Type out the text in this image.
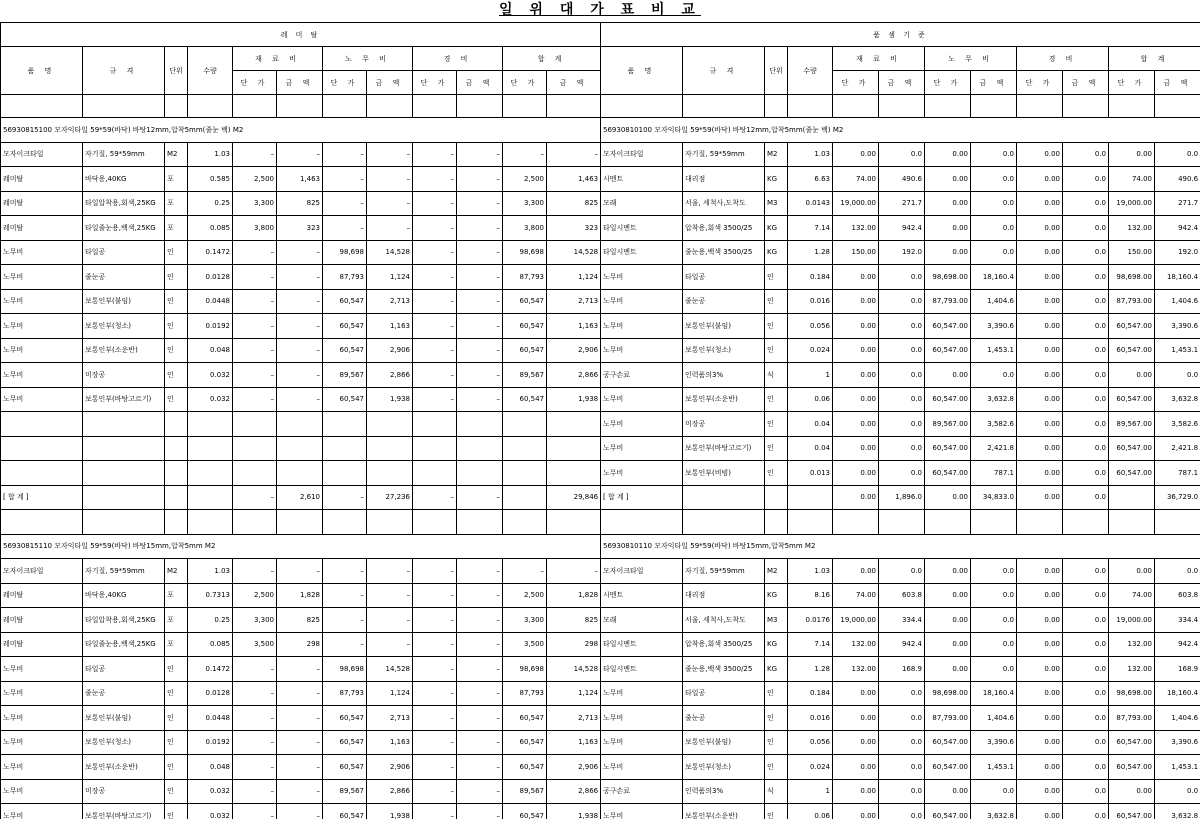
일 위 대 가 표 비 교
레 미 탈											
품 명	규 격	단위	수량	재 료 비		노 무 비		경 비		합 계	
				단 가	금 액	단 가	금 액	단 가	금 액	단 가	금 액

56930815100 모자익타일 59*59(바닥) 바탕12mm,압착5mm(줄눈 백) M2											
모자이크타일	자기질, 59*59mm	M2	1.03	–	–	–	–	–	–	–	–
레미탈	바닥용,40KG	포	0.585	2,500	1,463	–	–	–	–	2,500	1,463
레미탈	타일압착용,회색,25KG	포	0.25	3,300	825	–	–	–	–	3,300	825
레미탈	타일줄눈용,백색,25KG	포	0.085	3,800	323	–	–	–	–	3,800	323
노무비	타일공	인	0.1472	–	–	98,698	14,528	–	–	98,698	14,528
노무비	줄눈공	인	0.0128	–	–	87,793	1,124	–	–	87,793	1,124
노무비	보통인부(붙임)	인	0.0448	–	–	60,547	2,713	–	–	60,547	2,713
노무비	보통인부(청소)	인	0.0192	–	–	60,547	1,163	–	–	60,547	1,163
노무비	보통인부(소운반)	인	0.048	–	–	60,547	2,906	–	–	60,547	2,906
노무비	미장공	인	0.032	–	–	89,567	2,866	–	–	89,567	2,866
노무비	보통인부(바탕고르기)	인	0.032	–	–	60,547	1,938	–	–	60,547	1,938

[ 합 계 ]				–	2,610	–	27,236	–	–		29,846

56930815110 모자익타일 59*59(바닥) 바탕15mm,압착5mm M2											
모자이크타일	자기질, 59*59mm	M2	1.03	–	–	–	–	–	–	–	–
레미탈	바닥용,40KG	포	0.7313	2,500	1,828	–	–	–	–	2,500	1,828
레미탈	타일압착용,회색,25KG	포	0.25	3,300	825	–	–	–	–	3,300	825
레미탈	타일줄눈용,백색,25KG	포	0.085	3,500	298	–	–	–	–	3,500	298
노무비	타일공	인	0.1472	–	–	98,698	14,528	–	–	98,698	14,528
노무비	줄눈공	인	0.0128	–	–	87,793	1,124	–	–	87,793	1,124
노무비	보통인부(붙임)	인	0.0448	–	–	60,547	2,713	–	–	60,547	2,713
노무비	보통인부(청소)	인	0.0192	–	–	60,547	1,163	–	–	60,547	1,163
노무비	보통인부(소운반)	인	0.048	–	–	60,547	2,906	–	–	60,547	2,906
노무비	미장공	인	0.032	–	–	89,567	2,866	–	–	89,567	2,866
노무비	보통인부(바탕고르기)	인	0.032	–	–	60,547	1,938	–	–	60,547	1,938
품 셈 기 준											
품 명	규 격	단위	수량	재 료 비		노 무 비		경 비		합 계	
				단 가	금 액	단 가	금 액	단 가	금 액	단 가	금 액

56930810100 모자익타일 59*59(바닥) 바탕12mm,압착5mm(줄눈 백) M2											
모자이크타일	자기질, 59*59mm	M2	1.03	0.00	0.0	0.00	0.0	0.00	0.0	0.00	0.0
시멘트	대리점	KG	6.63	74.00	490.6	0.00	0.0	0.00	0.0	74.00	490.6
모래	서울, 세척사,도착도	M3	0.0143	19,000.00	271.7	0.00	0.0	0.00	0.0	19,000.00	271.7
타일시멘트	압착용,회색 3500/25	KG	7.14	132.00	942.4	0.00	0.0	0.00	0.0	132.00	942.4
타일시멘트	줄눈용,백색 3500/25	KG	1.28	150.00	192.0	0.00	0.0	0.00	0.0	150.00	192.0
노무비	타일공	인	0.184	0.00	0.0	98,698.00	18,160.4	0.00	0.0	98,698.00	18,160.4
노무비	줄눈공	인	0.016	0.00	0.0	87,793.00	1,404.6	0.00	0.0	87,793.00	1,404.6
노무비	보통인부(붙임)	인	0.056	0.00	0.0	60,547.00	3,390.6	0.00	0.0	60,547.00	3,390.6
노무비	보통인부(청소)	인	0.024	0.00	0.0	60,547.00	1,453.1	0.00	0.0	60,547.00	1,453.1
공구손료	인력품의3%	식	1	0.00	0.0	0.00	0.0	0.00	0.0	0.00	0.0
노무비	보통인부(소운반)	인	0.06	0.00	0.0	60,547.00	3,632.8	0.00	0.0	60,547.00	3,632.8
노무비	미장공	인	0.04	0.00	0.0	89,567.00	3,582.6	0.00	0.0	89,567.00	3,582.6
노무비	보통인부(바탕고르기)	인	0.04	0.00	0.0	60,547.00	2,421.8	0.00	0.0	60,547.00	2,421.8
노무비	보통인부(비빔)	인	0.013	0.00	0.0	60,547.00	787.1	0.00	0.0	60,547.00	787.1
[ 합 계 ]				0.00	1,896.0	0.00	34,833.0	0.00	0.0		36,729.0

56930810110 모자익타일 59*59(바닥) 바탕15mm,압착5mm M2											
모자이크타일	자기질, 59*59mm	M2	1.03	0.00	0.0	0.00	0.0	0.00	0.0	0.00	0.0
시멘트	대리점	KG	8.16	74.00	603.8	0.00	0.0	0.00	0.0	74.00	603.8
모래	서울, 세척사,도착도	M3	0.0176	19,000.00	334.4	0.00	0.0	0.00	0.0	19,000.00	334.4
타일시멘트	압착용,회색 3500/25	KG	7.14	132.00	942.4	0.00	0.0	0.00	0.0	132.00	942.4
타일시멘트	줄눈용,백색 3500/25	KG	1.28	132.00	168.9	0.00	0.0	0.00	0.0	132.00	168.9
노무비	타일공	인	0.184	0.00	0.0	98,698.00	18,160.4	0.00	0.0	98,698.00	18,160.4
노무비	줄눈공	인	0.016	0.00	0.0	87,793.00	1,404.6	0.00	0.0	87,793.00	1,404.6
노무비	보통인부(붙임)	인	0.056	0.00	0.0	60,547.00	3,390.6	0.00	0.0	60,547.00	3,390.6
노무비	보통인부(청소)	인	0.024	0.00	0.0	60,547.00	1,453.1	0.00	0.0	60,547.00	1,453.1
공구손료	인력품의3%	식	1	0.00	0.0	0.00	0.0	0.00	0.0	0.00	0.0
노무비	보통인부(소운반)	인	0.06	0.00	0.0	60,547.00	3,632.8	0.00	0.0	60,547.00	3,632.8
